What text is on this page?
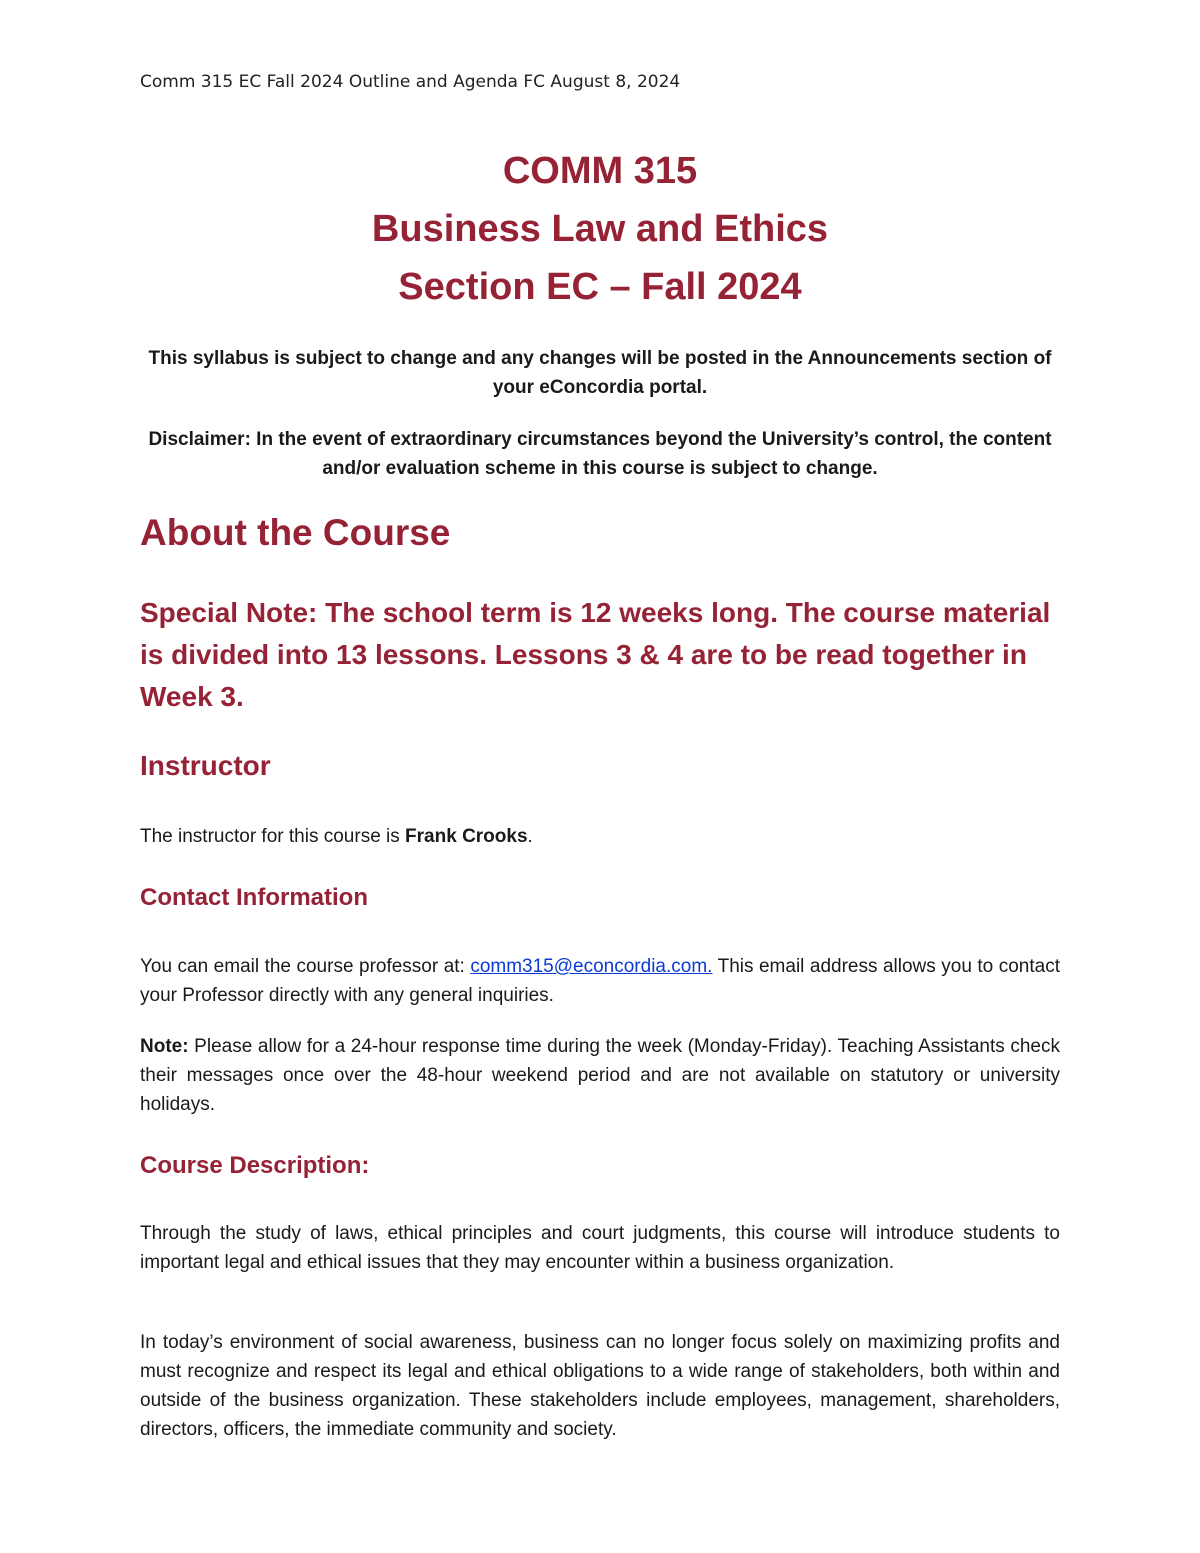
Comm 315 EC Fall 2024 Outline and Agenda FC August 8, 2024
COMM 315
Business Law and Ethics
Section EC – Fall 2024
This syllabus is subject to change and any changes will be posted in the Announcements section of your eConcordia portal.
Disclaimer: In the event of extraordinary circumstances beyond the University’s control, the content and/or evaluation scheme in this course is subject to change.
About the Course
Special Note: The school term is 12 weeks long. The course material is divided into 13 lessons. Lessons 3 & 4 are to be read together in Week 3.
Instructor
The instructor for this course is Frank Crooks.
Contact Information
You can email the course professor at: comm315@econcordia.com. This email address allows you to contact your Professor directly with any general inquiries.
Note: Please allow for a 24-hour response time during the week (Monday-Friday). Teaching Assistants check their messages once over the 48-hour weekend period and are not available on statutory or university holidays.
Course Description:
Through the study of laws, ethical principles and court judgments, this course will introduce students to important legal and ethical issues that they may encounter within a business organization.
In today’s environment of social awareness, business can no longer focus solely on maximizing profits and must recognize and respect its legal and ethical obligations to a wide range of stakeholders, both within and outside of the business organization. These stakeholders include employees, management, shareholders, directors, officers, the immediate community and society.
